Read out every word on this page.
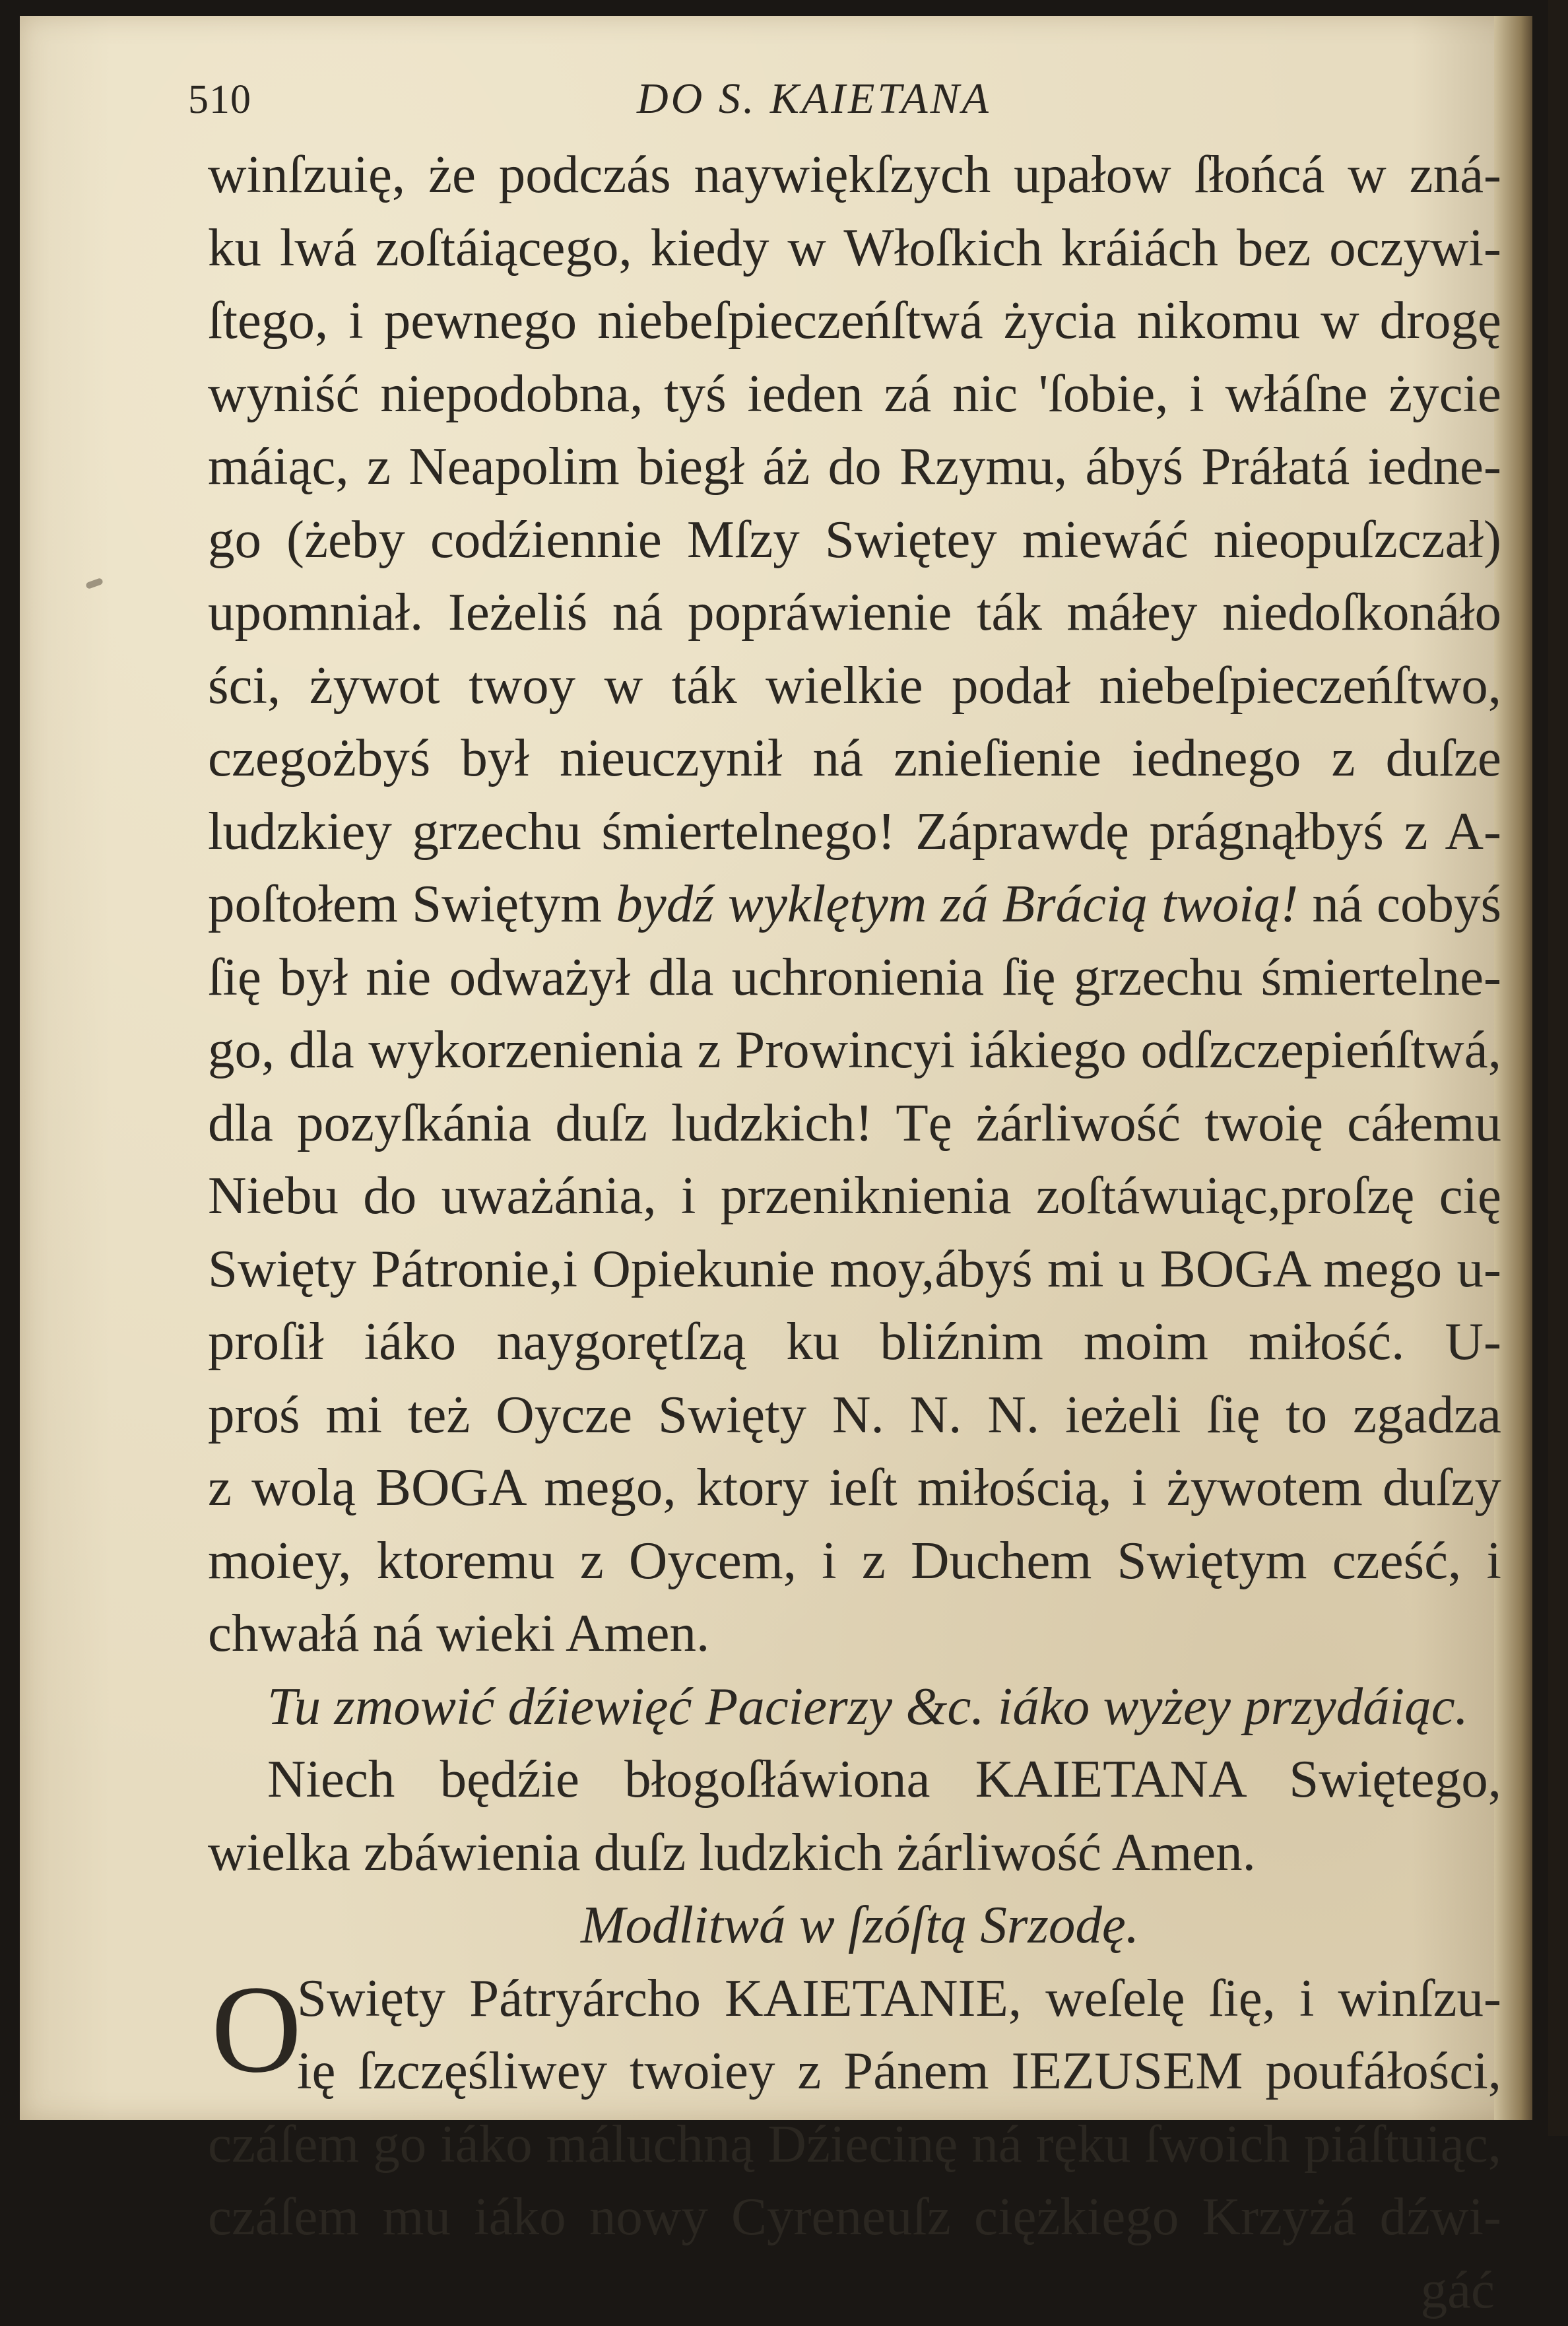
510	DO S. KAIETANA
winſzuię, że podczás naywiękſzych upałow ſłońcá w zná-
ku lwá zoſtáiącego, kiedy w Włoſkich kráiách bez oczywi-
ſtego, i pewnego niebeſpieczeńſtwá życia nikomu w drogę
wyniść niepodobna, tyś ieden zá nic 'ſobie, i włáſne życie
máiąc, z Neapolim biegł áż do Rzymu, ábyś Práłatá iedne-
go (żeby codźiennie Mſzy Swiętey miewáć nieopuſzczał)
upomniał. Ieżeliś ná popráwienie ták máłey niedoſkonáło
ści, żywot twoy w ták wielkie podał niebeſpieczeńſtwo,
czegożbyś był nieuczynił ná znieſienie iednego z duſze
ludzkiey grzechu śmiertelnego! Záprawdę prágnąłbyś z A-
poſtołem Swiętym bydź wyklętym zá Brácią twoią! ná cobyś
ſię był nie odważył dla uchronienia ſię grzechu śmiertelne-
go, dla wykorzenienia z Prowincyi iákiego odſzczepieńſtwá,
dla pozyſkánia duſz ludzkich! Tę żárliwość twoię cáłemu
Niebu do uważánia, i przeniknienia zoſtáwuiąc,proſzę cię
Swięty Pátronie,i Opiekunie moy,ábyś mi u BOGA mego u-
proſił iáko naygorętſzą ku bliźnim moim miłość. U-
proś mi też Oycze Swięty N. N. N. ieżeli ſię to zgadza
z wolą BOGA mego, ktory ieſt miłością, i żywotem duſzy
moiey, ktoremu z Oycem, i z Duchem Swiętym cześć, i
chwałá ná wieki Amen.
Tu zmowić dźiewięć Pacierzy &c. iáko wyżey przydáiąc.
Niech będźie błogoſłáwiona KAIETANA Swiętego,
wielka zbáwienia duſz ludzkich żárliwość Amen.
Modlitwá w ſzóſtą Srzodę.
O
Swięty Pátryárcho KAIETANIE, weſelę ſię, i winſzu-
ię ſzczęśliwey twoiey z Pánem IEZUSEM poufáłości,
czáſem go iáko máluchną Dźiecinę ná ręku ſwoich piáſtuiąc,
czáſem mu iáko nowy Cyreneuſz ciężkiego Krzyżá dźwi-
gáć
